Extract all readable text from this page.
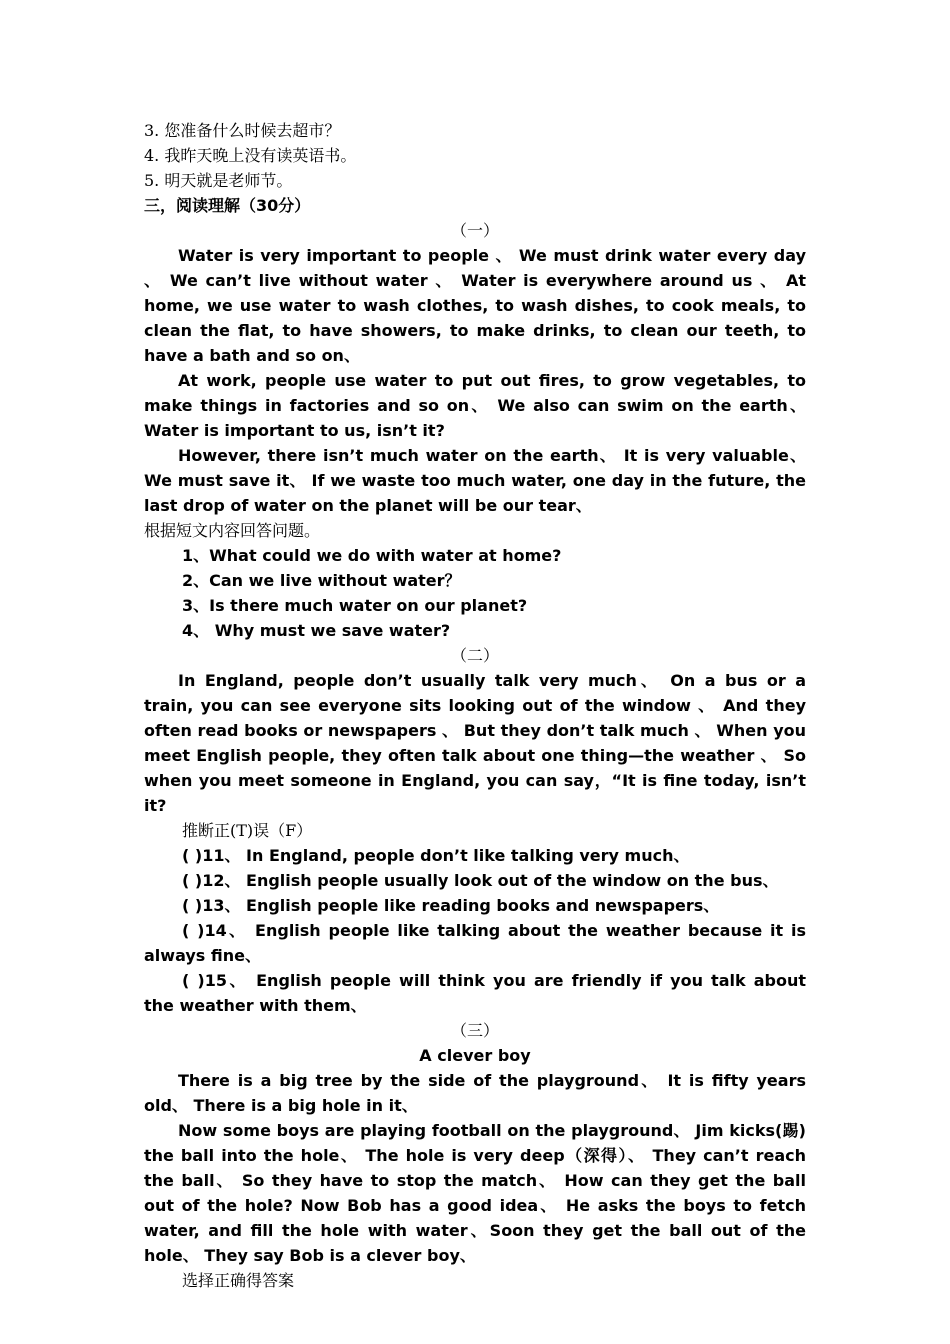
3. 您准备什么时候去超市？
4. 我昨天晚上没有读英语书。
5. 明天就是老师节。
三，阅读理解（30分）
（一）
Water is very important to people 、 We must drink water every day 、 We can’t live without water 、 Water is everywhere around us 、 At home, we use water to wash clothes, to wash dishes, to cook meals, to clean the flat, to have showers, to make drinks, to clean our teeth, to have a bath and so on、
At work, people use water to put out fires, to grow vegetables, to make things in factories and so on、 We also can swim on the earth、 Water is important to us, isn’t it?
However, there isn’t much water on the earth、 It is very valuable、 We must save it、 If we waste too much water, one day in the future, the last drop of water on the planet will be our tear、
根据短文内容回答问题。
1、What could we do with water at home?
2、Can we live without water？
3、Is there much water on our planet?
4、 Why must we save water?
（二）
In England, people don’t usually talk very much、 On a bus or a train, you can see everyone sits looking out of the window 、 And they often read books or newspapers 、 But they don’t talk much 、 When you meet English people, they often talk about one thing—the weather 、 So when you meet someone in England, you can say，“It is fine today, isn’t it?
推断正(T)误（F）
( )11、 In England, people don’t like talking very much、
( )12、 English people usually look out of the window on the bus、
( )13、 English people like reading books and newspapers、
( )14、 English people like talking about the weather because it is always fine、
( )15、 English people will think you are friendly if you talk about the weather with them、
（三）
A clever boy
There is a big tree by the side of the playground、 It is fifty years old、 There is a big hole in it、
Now some boys are playing football on the playground、 Jim kicks(踢) the ball into the hole、 The hole is very deep（深得）、 They can’t reach the ball、 So they have to stop the match、 How can they get the ball out of the hole? Now Bob has a good idea、 He asks the boys to fetch water, and fill the hole with water、Soon they get the ball out of the hole、 They say Bob is a clever boy、
选择正确得答案
